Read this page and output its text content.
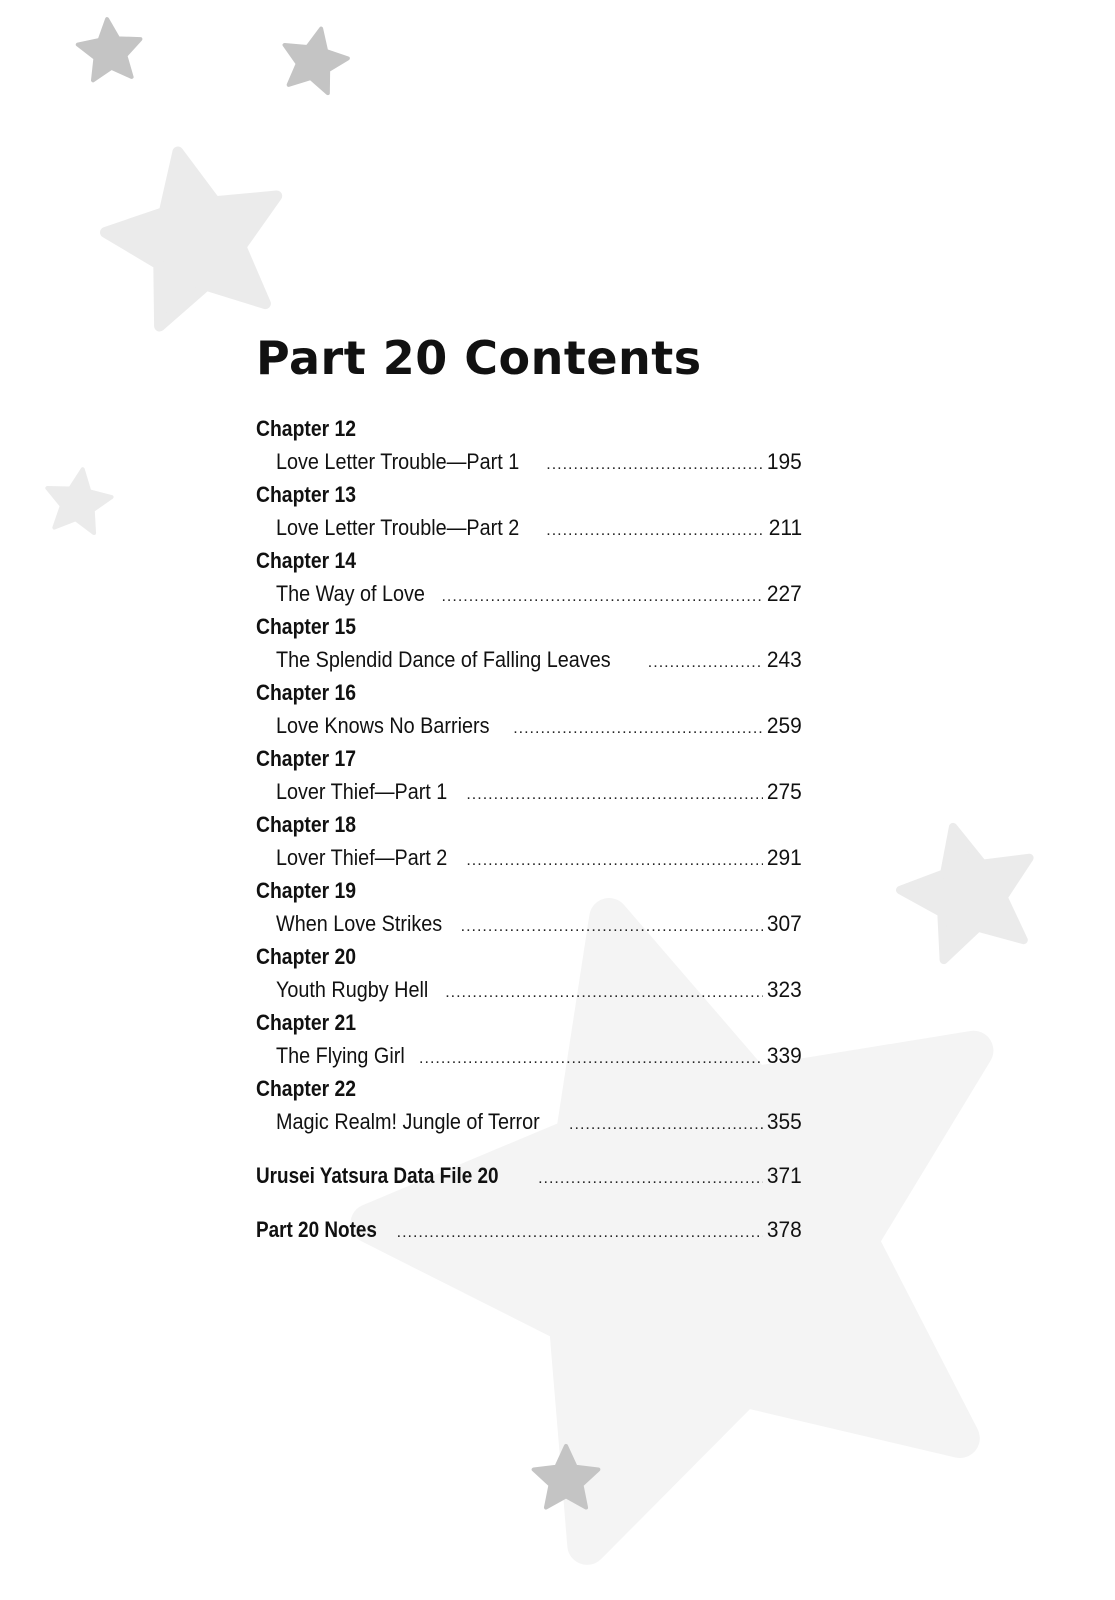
Part 20 Contents
Chapter 12
Love Letter Trouble—Part 1 .....	195
Chapter 13
Love Letter Trouble—Part 2 .....	211
Chapter 14
The Way of Love .....	227
Chapter 15
The Splendid Dance of Falling Leaves .....	243
Chapter 16
Love Knows No Barriers .....	259
Chapter 17
Lover Thief—Part 1 .....	275
Chapter 18
Lover Thief—Part 2 .....	291
Chapter 19
When Love Strikes .....	307
Chapter 20
Youth Rugby Hell .....	323
Chapter 21
The Flying Girl .....	339
Chapter 22
Magic Realm! Jungle of Terror .....	355
Urusei Yatsura Data File 20 .....	371
Part 20 Notes .....	378
